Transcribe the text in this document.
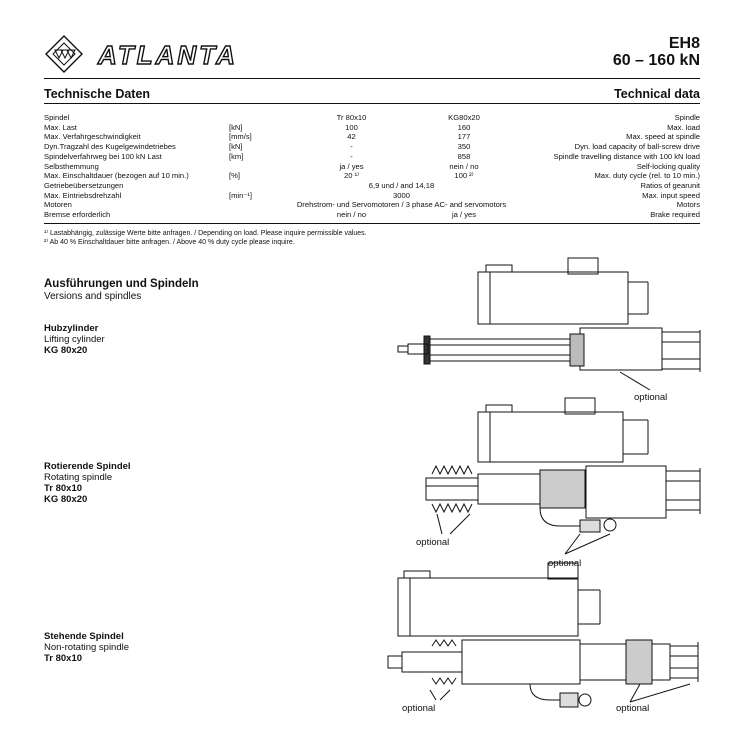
ATLANTA	EH8
60 – 160 kN
Technische Daten	Technical data
Spindel		Tr 80x10	KG80x20	Spindle
Max. Last	[kN]	100	160	Max. load
Max. Verfahrgeschwindigkeit	[mm/s]	42	177	Max. speed at spindle
Dyn.Tragzahl des Kugelgewindetriebes	[kN]	-	350	Dyn. load capacity of ball-screw drive
Spindelverfahrweg bei 100 kN Last	[km]	-	858	Spindle travelling distance with 100 kN load
Selbsthemmung		ja / yes	nein / no	Self-locking quality
Max. Einschaltdauer (bezogen auf 10 min.)	[%]	20 ¹⁾	100 ²⁾	Max. duty cycle (rel. to 10 min.)
Getriebeübersetzungen		6,9 und / and 14,18		Ratios of gearunit
Max. Eintriebsdrehzahl	[min⁻¹]	3000		Max. input speed
Motoren		Drehstrom- und Servomotoren / 3 phase AC- and servomotors		Motors
Bremse erforderlich		nein / no	ja / yes	Brake required
¹⁾ Lastabhängig, zulässige Werte bitte anfragen. / Depending on load. Please inquire permissible values.
²⁾ Ab 40 % Einschaltdauer bitte anfragen. / Above 40 % duty cycle please inquire.
Ausführungen und Spindeln
Versions and spindles
Hubzylinder
Lifting cylinder
KG 80x20
Rotierende Spindel
Rotating spindle
Tr 80x10
KG 80x20
Stehende Spindel
Non-rotating spindle
Tr 80x10
optional
optional
optional
optional	optional
